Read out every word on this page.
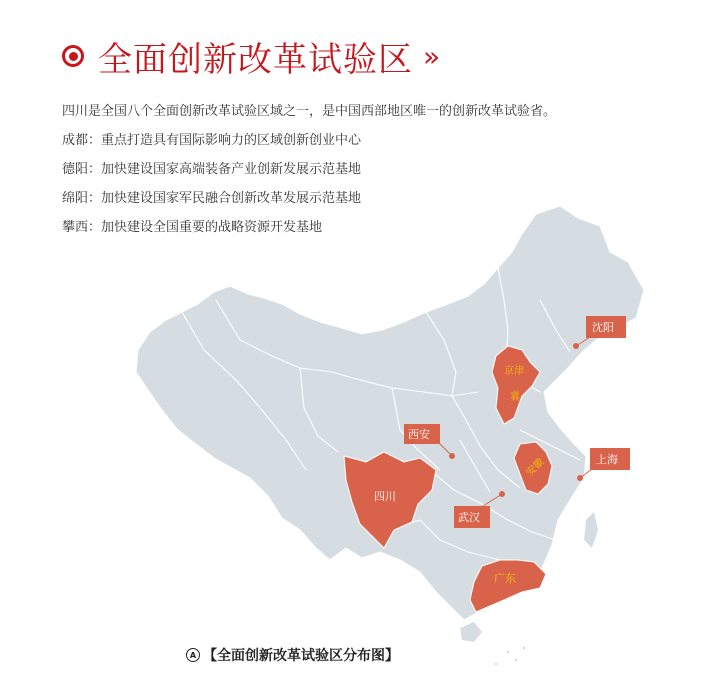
全面创新改革试验区 »
四川是全国八个全面创新改革试验区域之一，是中国西部地区唯一的创新改革试验省。
成都：重点打造具有国际影响力的区域创新创业中心
德阳：加快建设国家高端装备产业创新发展示范基地
绵阳：加快建设国家军民融合创新改革发展示范基地
攀西：加快建设全国重要的战略资源开发基地
四川
京津
冀
安徽
广东
沈阳
西安
上海
武汉
A 【全面创新改革试验区分布图】
